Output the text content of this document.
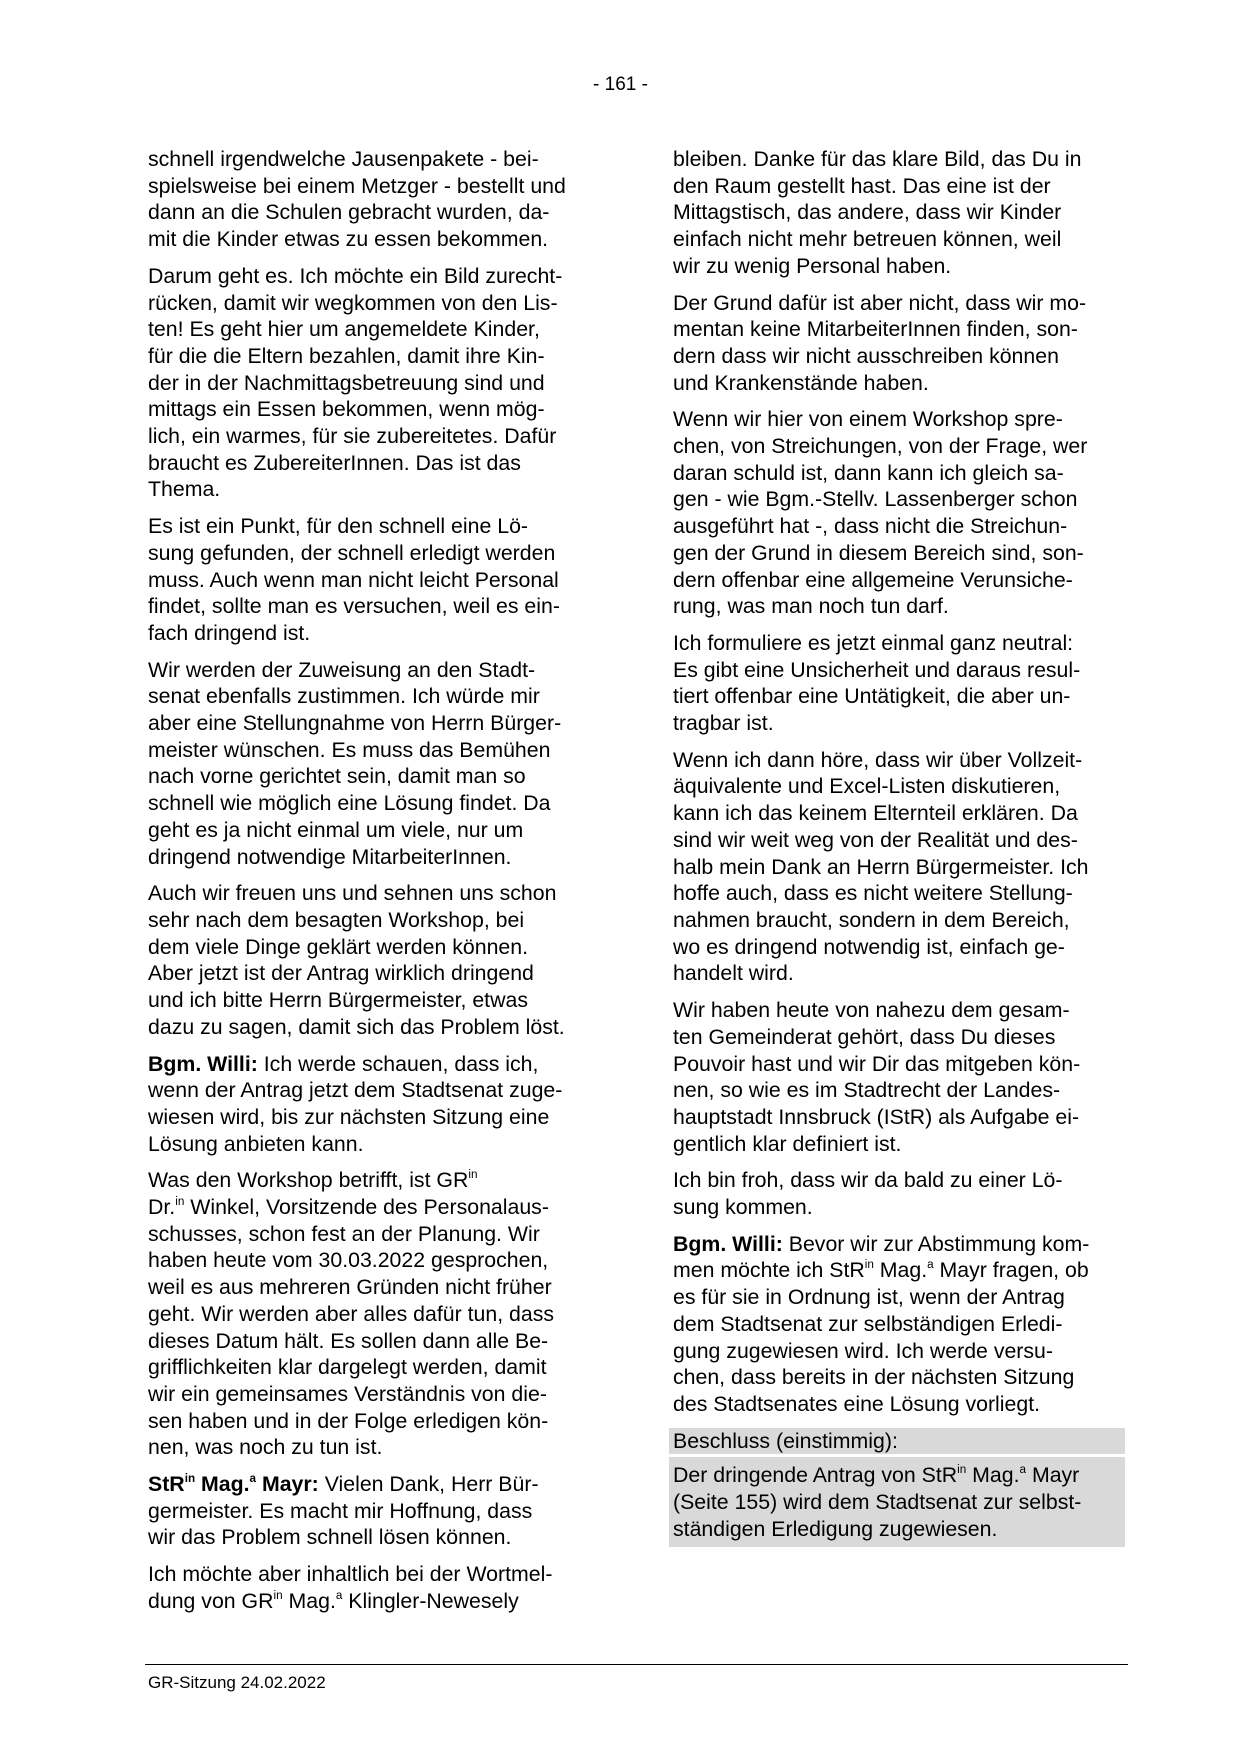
- 161 -

schnell irgendwelche Jausenpakete - bei-
spielsweise bei einem Metzger - bestellt und
dann an die Schulen gebracht wurden, da-
mit die Kinder etwas zu essen bekommen.

Darum geht es. Ich möchte ein Bild zurecht-
rücken, damit wir wegkommen von den Lis-
ten! Es geht hier um angemeldete Kinder,
für die die Eltern bezahlen, damit ihre Kin-
der in der Nachmittagsbetreuung sind und
mittags ein Essen bekommen, wenn mög-
lich, ein warmes, für sie zubereitetes. Dafür
braucht es ZubereiterInnen. Das ist das
Thema.

Es ist ein Punkt, für den schnell eine Lö-
sung gefunden, der schnell erledigt werden
muss. Auch wenn man nicht leicht Personal
findet, sollte man es versuchen, weil es ein-
fach dringend ist.

Wir werden der Zuweisung an den Stadt-
senat ebenfalls zustimmen. Ich würde mir
aber eine Stellungnahme von Herrn Bürger-
meister wünschen. Es muss das Bemühen
nach vorne gerichtet sein, damit man so
schnell wie möglich eine Lösung findet. Da
geht es ja nicht einmal um viele, nur um
dringend notwendige MitarbeiterInnen.

Auch wir freuen uns und sehnen uns schon
sehr nach dem besagten Workshop, bei
dem viele Dinge geklärt werden können.
Aber jetzt ist der Antrag wirklich dringend
und ich bitte Herrn Bürgermeister, etwas
dazu zu sagen, damit sich das Problem löst.

Bgm. Willi: Ich werde schauen, dass ich,
wenn der Antrag jetzt dem Stadtsenat zuge-
wiesen wird, bis zur nächsten Sitzung eine
Lösung anbieten kann.

Was den Workshop betrifft, ist $GR^{in}$
Dr.$^{in}$ Winkel, Vorsitzende des Personalaus-
schusses, schon fest an der Planung. Wir
haben heute vom 30.03.2022 gesprochen,
weil es aus mehreren Gründen nicht früher
geht. Wir werden aber alles dafür tun, dass
dieses Datum hält. Es sollen dann alle Be-
grifflichkeiten klar dargelegt werden, damit
wir ein gemeinsames Verständnis von die-
sen haben und in der Folge erledigen kön-
nen, was noch zu tun ist.

StR$^{in}$ Mag.$^a$ Mayr: Vielen Dank, Herr Bür-
germeister. Es macht mir Hoffnung, dass
wir das Problem schnell lösen können.

Ich möchte aber inhaltlich bei der Wortmel-
dung von $GR^{in}$ Mag.$^a$ Klingler-Newesely

bleiben. Danke für das klare Bild, das Du in
den Raum gestellt hast. Das eine ist der
Mittagstisch, das andere, dass wir Kinder
einfach nicht mehr betreuen können, weil
wir zu wenig Personal haben.

Der Grund dafür ist aber nicht, dass wir mo-
mentan keine MitarbeiterInnen finden, son-
dern dass wir nicht ausschreiben können
und Krankenstände haben.

Wenn wir hier von einem Workshop spre-
chen, von Streichungen, von der Frage, wer
daran schuld ist, dann kann ich gleich sa-
gen - wie Bgm.-Stellv. Lassenberger schon
ausgeführt hat -, dass nicht die Streichun-
gen der Grund in diesem Bereich sind, son-
dern offenbar eine allgemeine Verunsiche-
rung, was man noch tun darf.

Ich formuliere es jetzt einmal ganz neutral:
Es gibt eine Unsicherheit und daraus resul-
tiert offenbar eine Untätigkeit, die aber un-
tragbar ist.

Wenn ich dann höre, dass wir über Vollzeit-
äquivalente und Excel-Listen diskutieren,
kann ich das keinem Elternteil erklären. Da
sind wir weit weg von der Realität und des-
halb mein Dank an Herrn Bürgermeister. Ich
hoffe auch, dass es nicht weitere Stellung-
nahmen braucht, sondern in dem Bereich,
wo es dringend notwendig ist, einfach ge-
handelt wird.

Wir haben heute von nahezu dem gesam-
ten Gemeinderat gehört, dass Du dieses
Pouvoir hast und wir Dir das mitgeben kön-
nen, so wie es im Stadtrecht der Landes-
hauptstadt Innsbruck (IStR) als Aufgabe ei-
gentlich klar definiert ist.

Ich bin froh, dass wir da bald zu einer Lö-
sung kommen.

Bgm. Willi: Bevor wir zur Abstimmung kom-
men möchte ich StR$^{in}$ Mag.$^a$ Mayr fragen, ob
es für sie in Ordnung ist, wenn der Antrag
dem Stadtsenat zur selbständigen Erledi-
gung zugewiesen wird. Ich werde versu-
chen, dass bereits in der nächsten Sitzung
des Stadtsenates eine Lösung vorliegt.

Beschluss (einstimmig):

Der dringende Antrag von StR$^{in}$ Mag.$^a$ Mayr
(Seite 155) wird dem Stadtsenat zur selbst-
ständigen Erledigung zugewiesen.

GR-Sitzung 24.02.2022
